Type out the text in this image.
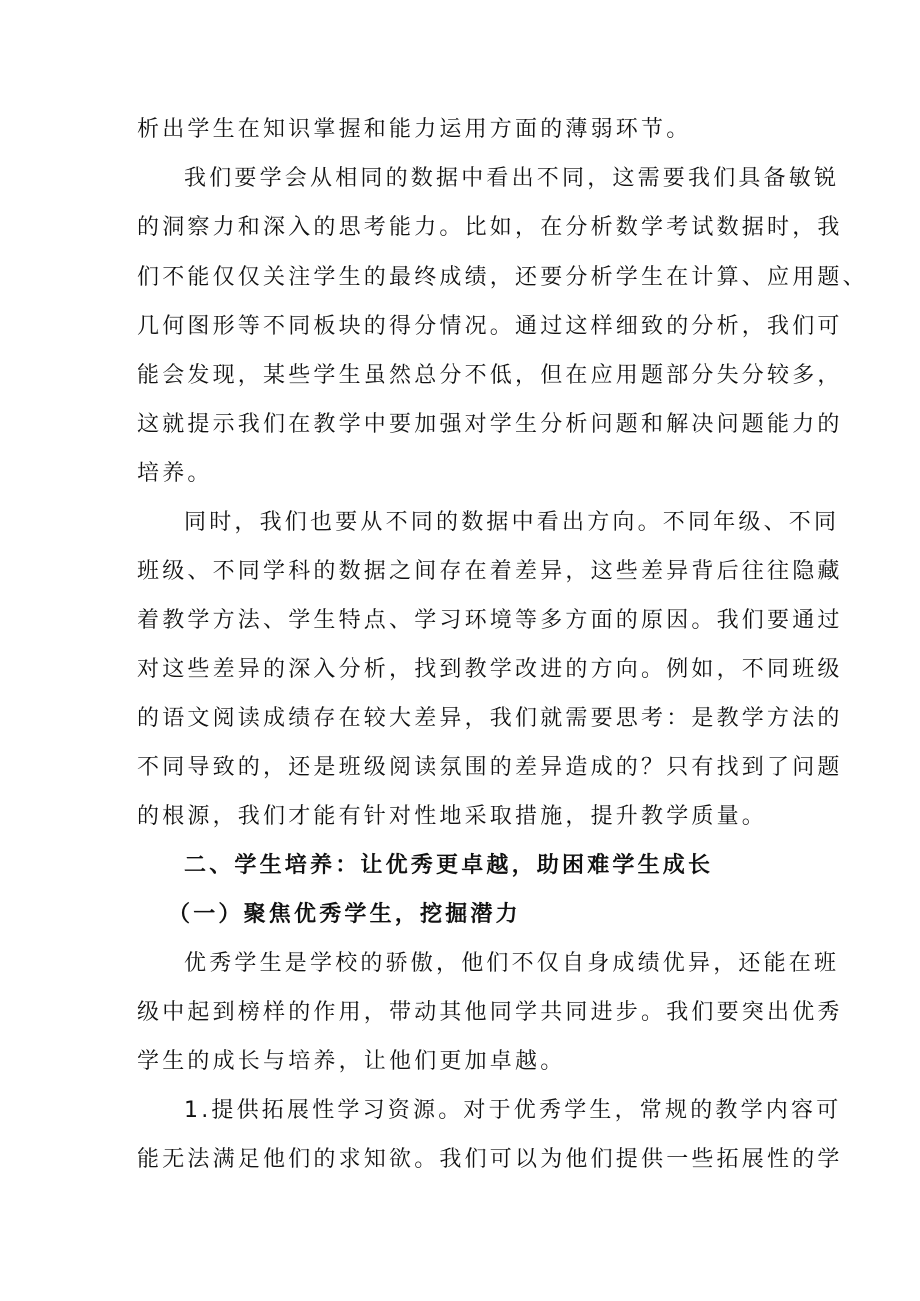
析出学生在知识掌握和能力运用方面的薄弱环节。
我们要学会从相同的数据中看出不同，这需要我们具备敏锐
的洞察力和深入的思考能力。比如，在分析数学考试数据时，我
们不能仅仅关注学生的最终成绩，还要分析学生在计算、应用题、
几何图形等不同板块的得分情况。通过这样细致的分析，我们可
能会发现，某些学生虽然总分不低，但在应用题部分失分较多，
这就提示我们在教学中要加强对学生分析问题和解决问题能力的
培养。
同时，我们也要从不同的数据中看出方向。不同年级、不同
班级、不同学科的数据之间存在着差异，这些差异背后往往隐藏
着教学方法、学生特点、学习环境等多方面的原因。我们要通过
对这些差异的深入分析，找到教学改进的方向。例如，不同班级
的语文阅读成绩存在较大差异，我们就需要思考：是教学方法的
不同导致的，还是班级阅读氛围的差异造成的？只有找到了问题
的根源，我们才能有针对性地采取措施，提升教学质量。
二、学生培养：让优秀更卓越，助困难学生成长
（一）聚焦优秀学生，挖掘潜力
优秀学生是学校的骄傲，他们不仅自身成绩优异，还能在班
级中起到榜样的作用，带动其他同学共同进步。我们要突出优秀
学生的成长与培养，让他们更加卓越。
1.提供拓展性学习资源。对于优秀学生，常规的教学内容可
能无法满足他们的求知欲。我们可以为他们提供一些拓展性的学
